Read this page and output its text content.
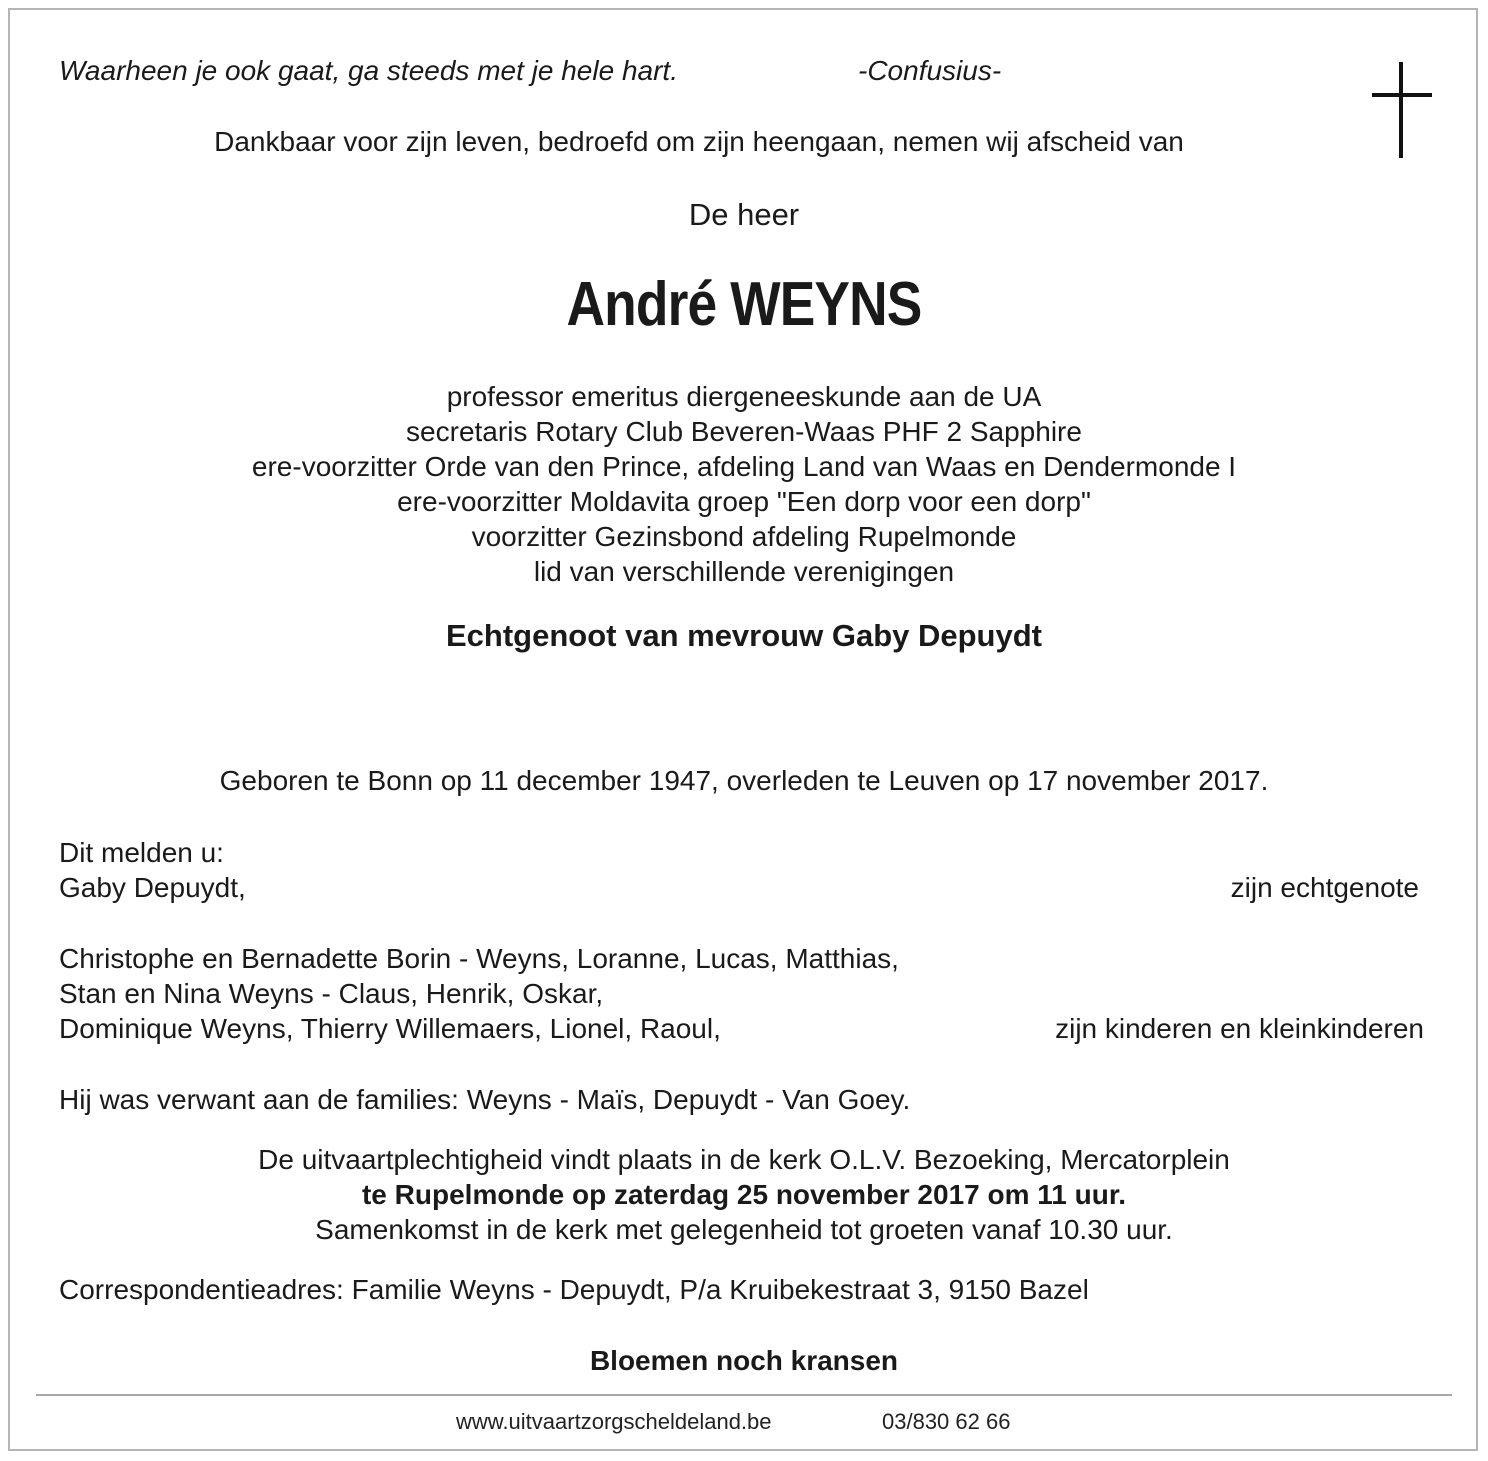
Waarheen je ook gaat, ga steeds met je hele hart.	-Confusius-
Dankbaar voor zijn leven, bedroefd om zijn heengaan, nemen wij afscheid van
De heer
André WEYNS
professor emeritus diergeneeskunde aan de UA
secretaris Rotary Club Beveren-Waas PHF 2 Sapphire
ere-voorzitter Orde van den Prince, afdeling Land van Waas en Dendermonde I
ere-voorzitter Moldavita groep "Een dorp voor een dorp"
voorzitter Gezinsbond afdeling Rupelmonde
lid van verschillende verenigingen
Echtgenoot van mevrouw Gaby Depuydt
Geboren te Bonn op 11 december 1947, overleden te Leuven op 17 november 2017.
Dit melden u:
Gaby Depuydt,	zijn echtgenote
Christophe en Bernadette Borin - Weyns, Loranne, Lucas, Matthias,
Stan en Nina Weyns - Claus, Henrik, Oskar,
Dominique Weyns, Thierry Willemaers, Lionel, Raoul,	zijn kinderen en kleinkinderen
Hij was verwant aan de families: Weyns - Maïs, Depuydt - Van Goey.
De uitvaartplechtigheid vindt plaats in de kerk O.L.V. Bezoeking, Mercatorplein
te Rupelmonde op zaterdag 25 november 2017 om 11 uur.
Samenkomst in de kerk met gelegenheid tot groeten vanaf 10.30 uur.
Correspondentieadres: Familie Weyns - Depuydt, P/a Kruibekestraat 3, 9150 Bazel
Bloemen noch kransen
www.uitvaartzorgscheldeland.be	03/830 62 66
